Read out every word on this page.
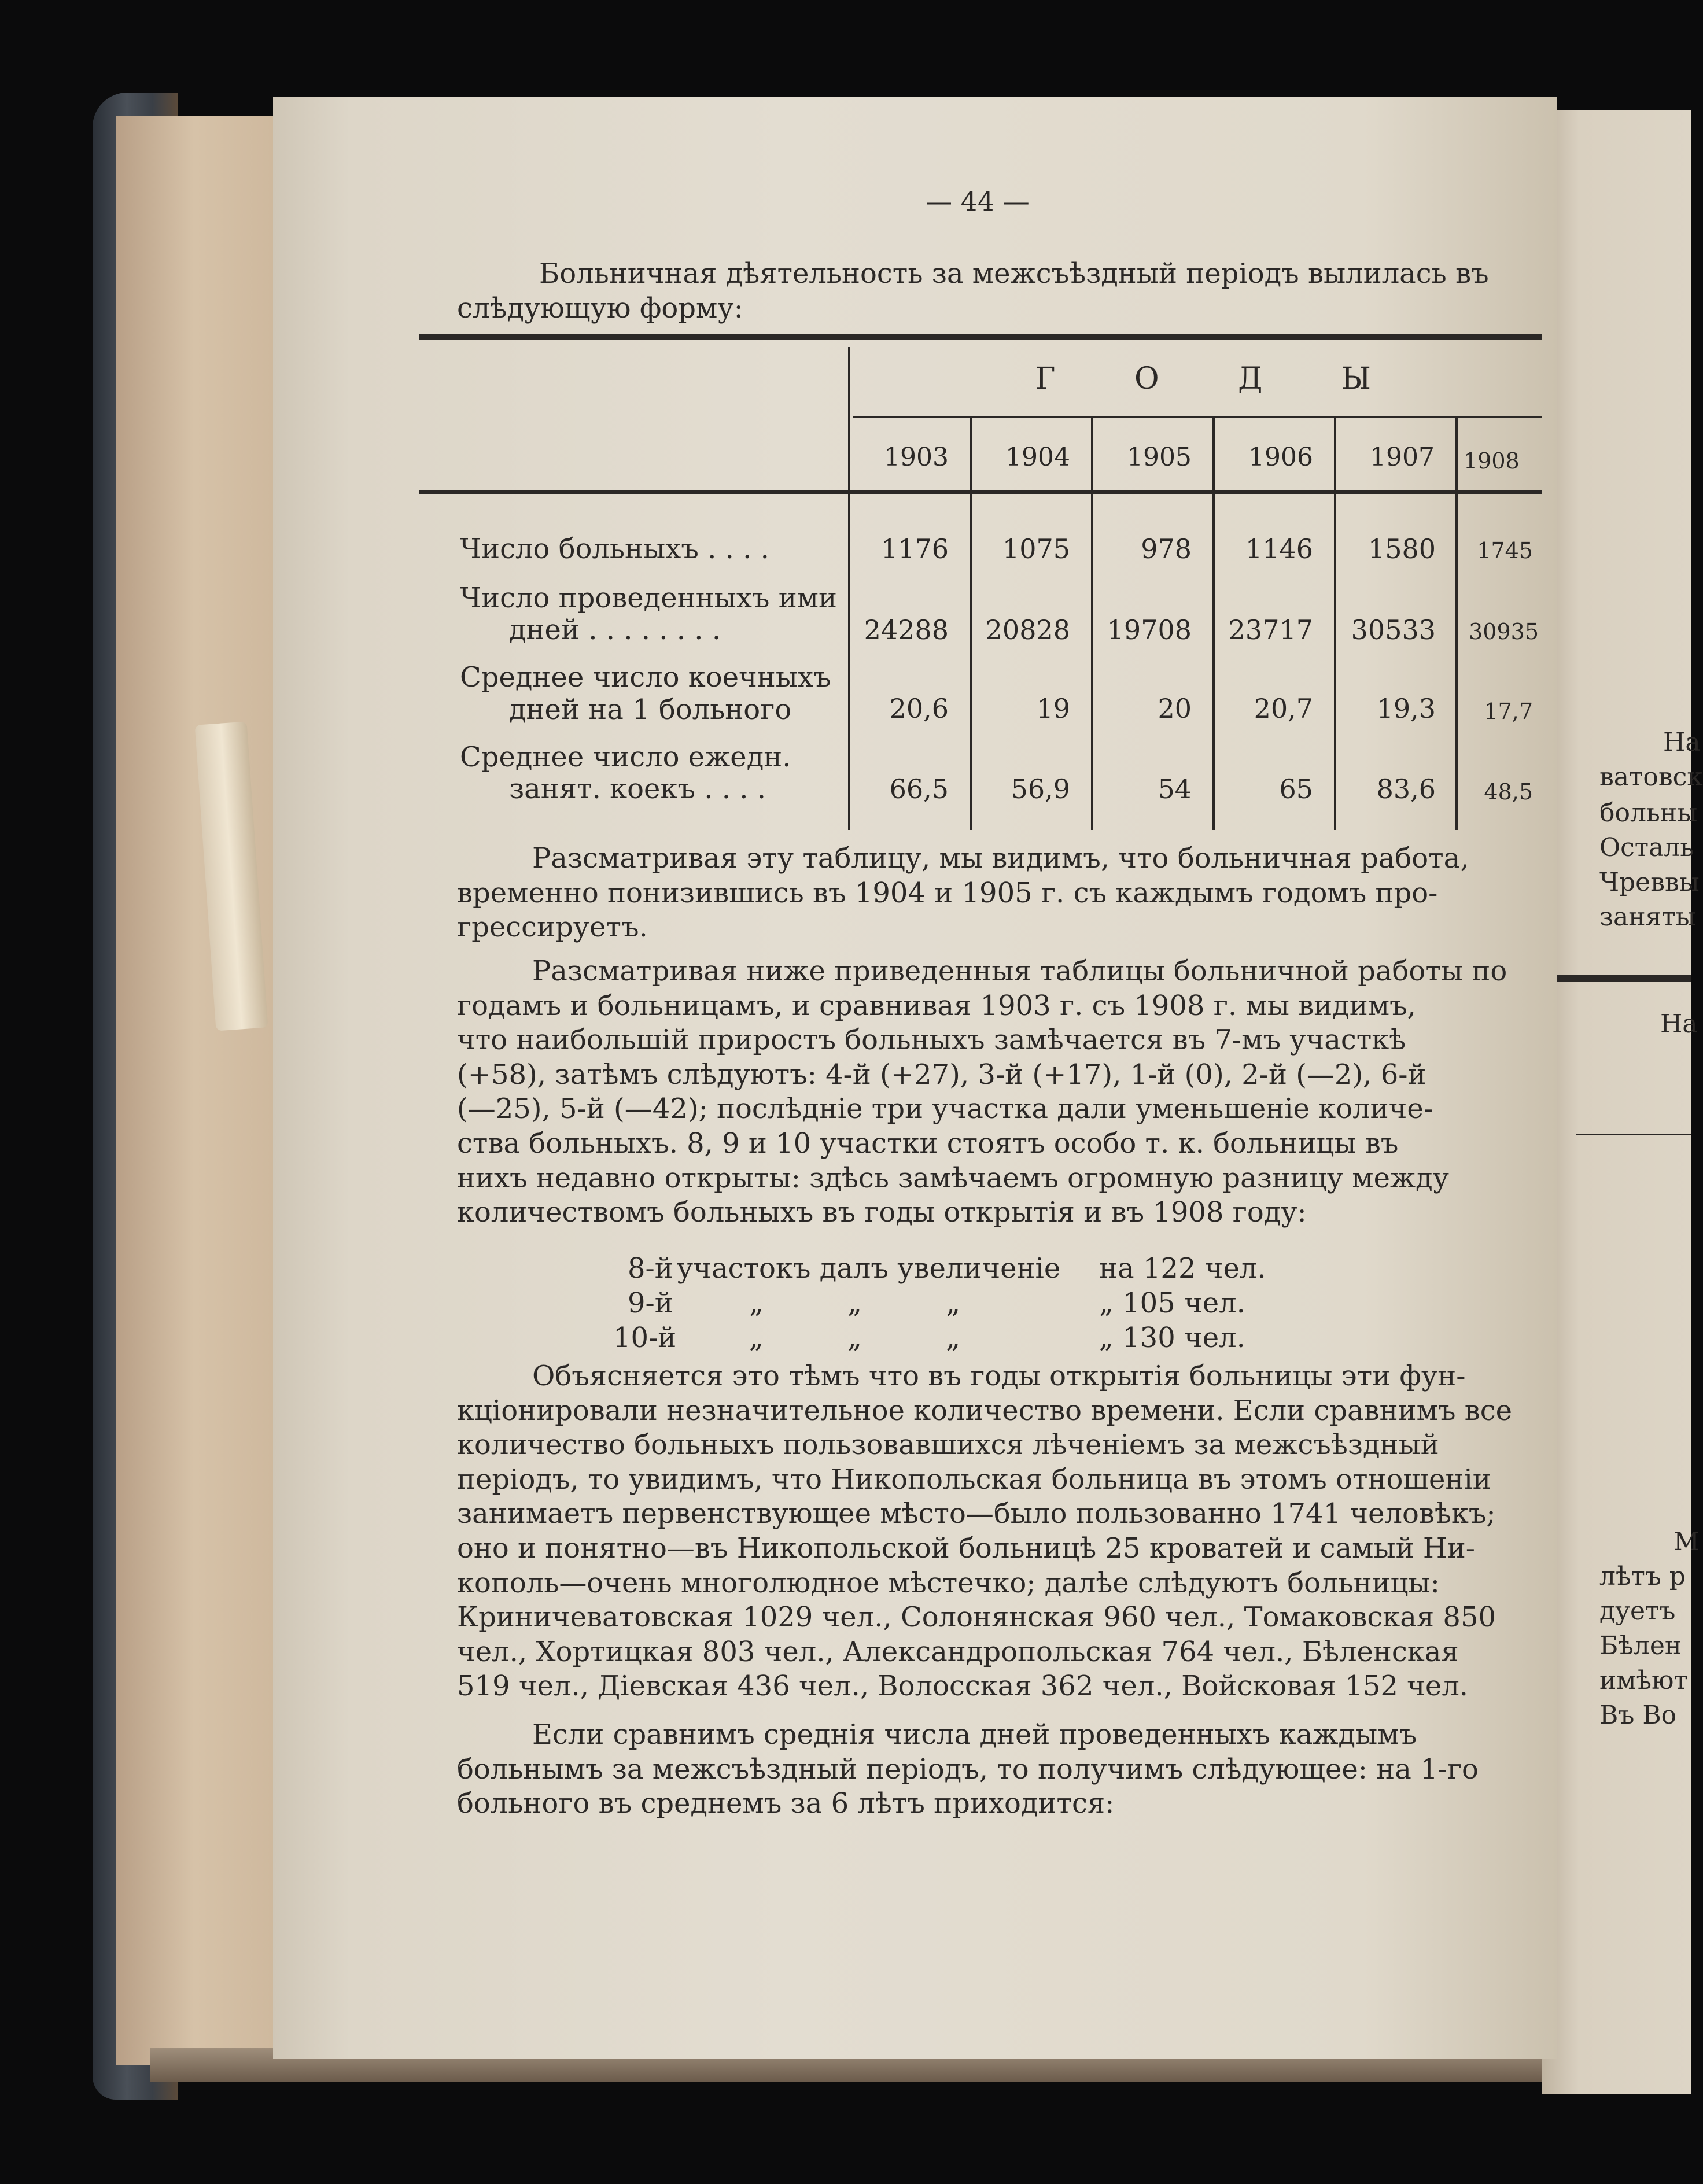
На
ватовск
больны
Осталь
Чреввы
заняты
На
М
лѣтъ р
дуетъ
Бѣлен
имѣют
Въ Во
— 44 —
Больничная дѣятельность за межсъѣздный періодъ вылилась въ
слѣдующую форму:
Г О Д Ы
1903	1904	1905	1906	1907	1908
Число больныхъ . . . .	1176	1075	978	1146	1580	1745
Число проведенныхъ ими
дней . . . . . . . .	24288	20828	19708	23717	30533	30935
Среднее число коечныхъ
дней на 1 больного	20,6	19	20	20,7	19,3	17,7
Среднее число ежедн.
занят. коекъ . . . .	66,5	56,9	54	65	83,6	48,5
Разсматривая эту таблицу, мы видимъ, что больничная работа,
временно понизившись въ 1904 и 1905 г. съ каждымъ годомъ про-
грессируетъ.
Разсматривая ниже приведенныя таблицы больничной работы по
годамъ и больницамъ, и сравнивая 1903 г. съ 1908 г. мы видимъ,
что наибольшій приростъ больныхъ замѣчается въ 7-мъ участкѣ
(+58), затѣмъ слѣдуютъ: 4-й (+27), 3-й (+17), 1-й (0), 2-й (—2), 6-й
(—25), 5-й (—42); послѣдніе три участка дали уменьшеніе количе-
ства больныхъ. 8, 9 и 10 участки стоятъ особо т. к. больницы въ
нихъ недавно открыты: здѣсь замѣчаемъ огромную разницу между
количествомъ больныхъ въ годы открытія и въ 1908 году:
8-й участокъ далъ увеличеніе на 122 чел.
9-й	„ „ „	„ 105 чел.
10-й	„ „ „	„ 130 чел.
Объясняется это тѣмъ что въ годы открытія больницы эти фун-
кціонировали незначительное количество времени. Если сравнимъ все
количество больныхъ пользовавшихся лѣченіемъ за межсъѣздный
періодъ, то увидимъ, что Никопольская больница въ этомъ отношеніи
занимаетъ первенствующее мѣсто—было пользованно 1741 человѣкъ;
оно и понятно—въ Никопольской больницѣ 25 кроватей и самый Ни-
кополь—очень многолюдное мѣстечко; далѣе слѣдуютъ больницы:
Криничеватовская 1029 чел., Солонянская 960 чел., Томаковская 850
чел., Хортицкая 803 чел., Александропольская 764 чел., Бѣленская
519 чел., Діевская 436 чел., Волосская 362 чел., Войсковая 152 чел.
Если сравнимъ среднія числа дней проведенныхъ каждымъ
больнымъ за межсъѣздный періодъ, то получимъ слѣдующее: на 1-го
больного въ среднемъ за 6 лѣтъ приходится:
